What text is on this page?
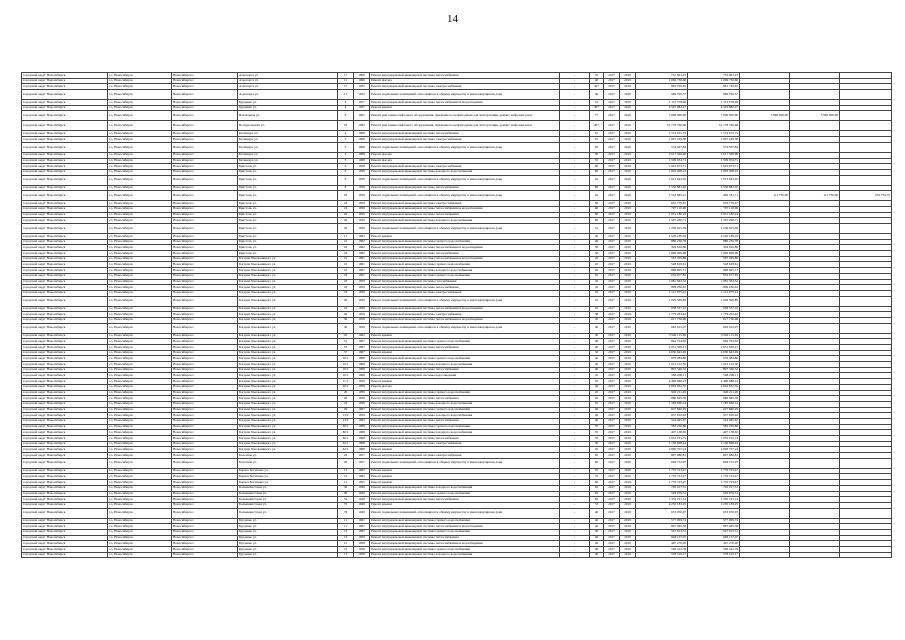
14
городской округ Новосибирск	г.о. Новосибирск	Новосибирск г.	Аэропорта ул.	11	1966	Ремонт внутридомовой инженерной системы теплоснабжения	-	35	2017	2019	752 901,23	752 901,23			
городской округ Новосибирск	г.о. Новосибирск	Новосибирск г.	Аэропорта ул.	11	1966	Ремонт фасада	-	40	2017	2019	1 069 736,60	1 069 736,60			
городской округ Новосибирск	г.о. Новосибирск	Новосибирск г.	Аэропорта ул.	17	1952	Ремонт внутридомовой инженерной системы электроснабжения	-	40*	2017	2019	881 720,65	881 720,65			
городской округ Новосибирск	г.о. Новосибирск	Новосибирск г.	Аэропорта ул.	17	1952	Ремонт подвальных помещений, относящихся к общему имуществу в многоквартирном доме	-	40	2017	2019	969 790,57	969 790,57			
городской округ Новосибирск	г.о. Новосибирск	Новосибирск г.	Бурденко ул.	4	1957	Ремонт внутридомовой инженерной системы теплоснабжения и водоотведения	-	52	2017	2019	1 112 578,40	1 112 578,40			
городской округ Новосибирск	г.о. Новосибирск	Новосибирск г.	Бурденко ул.	4	1957	Ремонт крыши	-	49*	2017	2019	4 525 982,27	4 525 982,27			
городской округ Новосибирск	г.о. Новосибирск	Новосибирск г.	Вокзальная ул.	6	1961	Ремонт или замена лифтового оборудования, признанного непригодным для эксплуатации, ремонт лифтовых шахт	-	77	2017	2019	7 000 000,00	7 000 000,00	3 990 000,00	3 990 000,00	
городской округ Новосибирск	г.о. Новосибирск	Новосибирск г.	Воскресенская ул.	10	1992	Ремонт или замена лифтового оборудования, признанного непригодным для эксплуатации, ремонт лифтовых шахт	-	40*	2017	2019	10 178 760,00	10 178 760,00			
городской округ Новосибирск	г.о. Новосибирск	Новосибирск г.	Бетанкура ул.	4	1968	Ремонт внутридомовой инженерной системы теплоснабжения	-	61	2017	2019	1 574 015,75	1 574 015,75			
городской округ Новосибирск	г.о. Новосибирск	Новосибирск г.	Бетанкура ул.	5	1968	Ремонт внутридомовой инженерной системы электроснабжения	-	61	2017	2019	1 007 249,38	1 007 249,38			
городской округ Новосибирск	г.о. Новосибирск	Новосибирск г.	Бетанкура ул.	5	1968	Ремонт подвальных помещений, относящихся к общему имуществу в многоквартирном доме	-	62	2017	2019	574 367,84	574 367,84			
городской округ Новосибирск	г.о. Новосибирск	Новосибирск г.	Бетанкура ул.	4	1968	Ремонт фасада	-	50	2017	2019	2 617 569,96	2 617 569,96			
городской округ Новосибирск	г.о. Новосибирск	Новосибирск г.	Бетанкура ул.	5	1968	Ремонт фасада	-	55	2017	2019	1 509 054,71	1 509 054,71			
городской округ Новосибирск	г.о. Новосибирск	Новосибирск г.	Бристоль ул.	6	1958	Ремонт внутридомовой инженерной системы электроснабжения	-	60	2017	2019	1 643 673,71	1 643 673,71			
городской округ Новосибирск	г.о. Новосибирск	Новосибирск г.	Бристоль ул.	6	1958	Ремонт внутридомовой инженерной системы холодного водоснабжения	-	60	2017	2019	1 093 408,23	1 093 408,23			
городской округ Новосибирск	г.о. Новосибирск	Новосибирск г.	Бристоль ул.	6	1958	Ремонт подвальных помещений, относящихся к общему имуществу в многоквартирном доме	-	42	2017	2019	1 013 643,02	1 013 643,02			
городской округ Новосибирск	г.о. Новосибирск	Новосибирск г.	Бристоль ул.	8	1959	Ремонт внутридомовой инженерной системы теплоснабжения	-	60	2017	2019	1 536 881,02	1 536 881,02			
городской округ Новосибирск	г.о. Новосибирск	Новосибирск г.	Бристоль ул.	10	1959	Ремонт подвальных помещений, относящихся к общему имуществу в многоквартирном доме	-	42	2017	2019	1 518 685,21	406 181,71	111 756,00	111 756,00	252 754,75
городской округ Новосибирск	г.о. Новосибирск	Новосибирск г.	Бристоль ул.	24	1959	Ремонт внутридомовой инженерной системы электроснабжения	-	60	2017	2019	635 779,67	635 779,67			
городской округ Новосибирск	г.о. Новосибирск	Новосибирск г.	Бристоль ул.	24	1959	Ремонт внутридомовой инженерной системы теплоснабжения и водоотведения	-	60	2017	2019	707 110,96	707 110,96			
городской округ Новосибирск	г.о. Новосибирск	Новосибирск г.	Бристоль ул.	26	1959	Ремонт внутридомовой инженерной системы теплоснабжения	-	60	2017	2019	1 031 180,24	1 031 180,24			
городской округ Новосибирск	г.о. Новосибирск	Новосибирск г.	Бристоль ул.	26	1959	Ремонт внутридомовой инженерной системы холодного водоснабжения	-	60	2017	2019	1 567 260,71	1 567 260,71			
городской округ Новосибирск	г.о. Новосибирск	Новосибирск г.	Бристоль ул.	26	1959	Ремонт подвальных помещений, относящихся к общему имуществу в многоквартирном доме	-	51	2017	2019	1 236 625,59	1 236 625,59			
городской округ Новосибирск	г.о. Новосибирск	Новосибирск г.	Бристоль ул.	17	1963	Ремонт крыши	-	40	2017	2019	4 520 189,04	4 520 189,04			
городской округ Новосибирск	г.о. Новосибирск	Новосибирск г.	Бристоль ул.	41	1962	Ремонт внутридомовой инженерной системы горячего водоснабжения	-	40	2017	2019	886 230,78	886 230,78			
городской округ Новосибирск	г.о. Новосибирск	Новосибирск г.	Бристоль ул.	43	1962	Ремонт внутридомовой инженерной системы теплоснабжения и водоотведения	-	50	2017	2019	394 816,86	394 816,86			
городской округ Новосибирск	г.о. Новосибирск	Новосибирск г.	Бристоль ул.	43	1962	Ремонт внутридомовой инженерной системы теплоснабжения	-	50	2017	2019	1 690 009,96	1 690 009,96			
городской округ Новосибирск	г.о. Новосибирск	Новосибирск г.	Богдана Хмельницкого ул.	10	1961	Ремонт внутридомовой инженерной системы теплоснабжения и водоотведения	-	45	2017	2019	567 209,86	567 209,86			
городской округ Новосибирск	г.о. Новосибирск	Новосибирск г.	Богдана Хмельницкого ул.	10	1961	Ремонт внутридомовой инженерной системы горячего водоснабжения	-	45	2017	2019	548 818,61	548 818,61			
городской округ Новосибирск	г.о. Новосибирск	Новосибирск г.	Богдана Хмельницкого ул.	16	1961	Ремонт внутридомовой инженерной системы холодного водоснабжения	-	45	2017	2019	898 905,71	898 905,71			
городской округ Новосибирск	г.о. Новосибирск	Новосибирск г.	Богдана Хмельницкого ул.	16	1961	Ремонт внутридомовой инженерной системы горячего водоснабжения	-	45	2017	2019	654 977,85	654 977,85			
городской округ Новосибирск	г.о. Новосибирск	Новосибирск г.	Богдана Хмельницкого ул.	18	1959	Ремонт внутридомовой инженерной системы газоснабжения	-	45	2017	2019	1 081 563,52	1 081 563,52			
городской округ Новосибирск	г.о. Новосибирск	Новосибирск г.	Богдана Хмельницкого ул.	18	1959	Ремонт внутридомовой инженерной системы теплоснабжения	-	45	2017	2019	809 236,63	809 236,63			
городской округ Новосибирск	г.о. Новосибирск	Новосибирск г.	Богдана Хмельницкого ул.	18	1959	Ремонт внутридомовой инженерной системы электроснабжения	-	45	2017	2019	1 121 075,41	1 121 075,41			
городской округ Новосибирск	г.о. Новосибирск	Новосибирск г.	Богдана Хмельницкого ул.	20	1959	Ремонт подвальных помещений, относящихся к общему имуществу в многоквартирном доме	-	45	2017	2019	1 029 306,85	1 029 306,85			
городской округ Новосибирск	г.о. Новосибирск	Новосибирск г.	Богдана Хмельницкого ул.	22	1959	Ремонт внутридомовой инженерной системы теплоснабжения и водоотведения	-	45	2017	2019	638 537,16	638 537,16			
городской округ Новосибирск	г.о. Новосибирск	Новосибирск г.	Богдана Хмельницкого ул.	26	1959	Ремонт внутридомовой инженерной системы электроснабжения	-	38	2017	2019	1 779 263,42	1 779 263,42			
городской округ Новосибирск	г.о. Новосибирск	Новосибирск г.	Богдана Хмельницкого ул.	30	1958	Ремонт внутридомовой инженерной системы теплоснабжения и водоотведения	-	45	2017	2019	617 756,96	617 756,96			
городской округ Новосибирск	г.о. Новосибирск	Новосибирск г.	Богдана Хмельницкого ул.	36	1958	Ремонт подвальных помещений, относящихся к общему имуществу в многоквартирном доме	-	40	2017	2019	663 912,07	663 912,07			
городской округ Новосибирск	г.о. Новосибирск	Новосибирск г.	Богдана Хмельницкого ул.	45	1962	Ремонт крыши	-	30	2017	2019	3 540 115,65	3 540 115,65			
городской округ Новосибирск	г.о. Новосибирск	Новосибирск г.	Богдана Хмельницкого ул.	51	1967	Ремонт внутридомовой инженерной системы горячего водоснабжения	-	40	2017	2019	964 704,92	964 704,92			
городской округ Новосибирск	г.о. Новосибирск	Новосибирск г.	Богдана Хмельницкого ул.	53	1967	Ремонт внутридомовой инженерной системы теплоснабжения	-	40	2017	2019	2 051 500,21	2 051 500,21			
городской округ Новосибирск	г.о. Новосибирск	Новосибирск г.	Богдана Хмельницкого ул.	57	1967	Ремонт крыши	-	32	2017	2019	4 650 643,49	4 650 643,49			
городской округ Новосибирск	г.о. Новосибирск	Новосибирск г.	Богдана Хмельницкого ул.	10/1	1968	Ремонт внутридомовой инженерной системы горячего водоснабжения	-	40	2017	2019	976 484,80	976 484,80			
городской округ Новосибирск	г.о. Новосибирск	Новосибирск г.	Богдана Хмельницкого ул.	10/1	1968	Ремонт внутридомовой инженерной системы холодного водоснабжения	-	40	2017	2019	1 013 122,50	1 013 122,50			
городской округ Новосибирск	г.о. Новосибирск	Новосибирск г.	Богдана Хмельницкого ул.	10/1	1968	Ремонт внутридомовой инженерной системы теплоснабжения	-	40	2017	2019	897 346,52	897 346,52			
городской округ Новосибирск	г.о. Новосибирск	Новосибирск г.	Богдана Хмельницкого ул.	10/1	1968	Ремонт внутридомовой инженерной системы водоотведения	-	45	2017	2019	568 208,11	568 208,11			
городской округ Новосибирск	г.о. Новосибирск	Новосибирск г.	Богдана Хмельницкого ул.	11/1	1959	Ремонт крыши	-	45	2017	2019	4 490 086,23	4 490 086,23			
городской округ Новосибирск	г.о. Новосибирск	Новосибирск г.	Богдана Хмельницкого ул.	20/1	1959	Ремонт фасада	-	40	2017	2019	4 694 632,35	4 694 632,35			
городской округ Новосибирск	г.о. Новосибирск	Новосибирск г.	Богдана Хмельницкого ул.	20	1959	Ремонт внутридомовой инженерной системы горячего водоснабжения	-	45	2017	2019	940 211,20	940 211,20			
городской округ Новосибирск	г.о. Новосибирск	Новосибирск г.	Богдана Хмельницкого ул.	20	1958	Ремонт внутридомовой инженерной системы теплоснабжения	-	45	2017	2019	880 665,39	880 665,39			
городской округ Новосибирск	г.о. Новосибирск	Новосибирск г.	Богдана Хмельницкого ул.	22	1958	Ремонт внутридомовой инженерной системы холодного водоснабжения	-	45	2017	2019	1 185 636,14	1 185 636,14			
городской округ Новосибирск	г.о. Новосибирск	Новосибирск г.	Богдана Хмельницкого ул.	29	1967	Ремонт внутридомовой инженерной системы горячего водоснабжения	-	40	2017	2019	627 840,29	627 840,29			
городской округ Новосибирск	г.о. Новосибирск	Новосибирск г.	Богдана Хмельницкого ул.	13/2	1959	Ремонт внутридомовой инженерной системы холодного водоснабжения	-	40	2017	2019	957 810,92	957 810,92			
городской округ Новосибирск	г.о. Новосибирск	Новосибирск г.	Богдана Хмельницкого ул.	13/2	1962	Ремонт внутридомовой инженерной системы теплоснабжения	-	40	2017	2019	524 465,67	524 465,67			
городской округ Новосибирск	г.о. Новосибирск	Новосибирск г.	Богдана Хмельницкого ул.	60/1	1968	Ремонт внутридомовой инженерной системы горячего водоснабжения	-	35	2017	2019	582 236,86	582 236,86			
городской округ Новосибирск	г.о. Новосибирск	Новосибирск г.	Богдана Хмельницкого ул.	60/1	1968	Ремонт внутридомовой инженерной системы холодного водоснабжения	-	35	2017	2019	497 138,65	497 138,65			
городской округ Новосибирск	г.о. Новосибирск	Новосибирск г.	Богдана Хмельницкого ул.	60/1	1968	Ремонт внутридомовой инженерной системы теплоснабжения	-	35	2017	2019	1 052 161,74	1 052 161,74			
городской округ Новосибирск	г.о. Новосибирск	Новосибирск г.	Богдана Хмельницкого ул.	62/1	1968	Ремонт внутридомовой инженерной системы электроснабжения	-	40	2017	2019	1 136 698,44	1 136 698,44			
городской округ Новосибирск	г.о. Новосибирск	Новосибирск г.	Богдана Хмельницкого ул.	62/1	1968	Ремонт крыши	-	45	2017	2019	2 690 707,24	2 690 707,24			
городской округ Новосибирск	г.о. Новосибирск	Новосибирск г.	Болотная ул.	26	1957	Ремонт внутридомовой инженерной системы электроснабжения	-	65	2017	2019	897 986,81	897 986,81			
городской округ Новосибирск	г.о. Новосибирск	Новосибирск г.	Болотная ул.	26	1957	Ремонт подвальных помещений, относящихся к общему имуществу в многоквартирном доме	-	60	2017	2019	649 752,97	649 752,97			
городской округ Новосибирск	г.о. Новосибирск	Новосибирск г.	Бориса Богаткова ул.	13	1962	Ремонт крыши	-	45	2017	2019	1 776 723,47	1 776 723,47			
городской округ Новосибирск	г.о. Новосибирск	Новосибирск г.	Бориса Богаткова ул.	15	1962	Ремонт крыши	-	70	2017	2019	1 776 723,47	1 776 723,47			
городской округ Новосибирск	г.о. Новосибирск	Новосибирск г.	Бориса Богаткова ул.	17	1955	Ремонт крыши	-	60	2017	2019	1 776 723,47	1 776 723,47			
городской округ Новосибирск	г.о. Новосибирск	Новосибирск г.	Большевистская ул.	39	1949	Ремонт внутридомовой инженерной системы холодного водоснабжения	-	65	2017	2019	720 017,31	720 017,31			
городской округ Новосибирск	г.о. Новосибирск	Новосибирск г.	Большевистская ул.	39	1949	Ремонт внутридомовой инженерной системы горячего водоснабжения	-	65	2017	2019	529 079,31	529 079,31			
городской округ Новосибирск	г.о. Новосибирск	Новосибирск г.	Большевистская ул.	54	1949	Ремонт внутридомовой инженерной системы теплоснабжения	-	65	2017	2019	1 335 191,14	1 335 191,14			
городской округ Новосибирск	г.о. Новосибирск	Новосибирск г.	Большевистская ул.	75	1949	Ремонт крыши	-	53	2017	2019	2 235 183,25	2 235 183,25			
городской округ Новосибирск	г.о. Новосибирск	Новосибирск г.	Большевистская ул.	76	1949	Ремонт подвальных помещений, относящихся к общему имуществу в многоквартирном доме	-	40	2017	2019	653 050,07	653 050,07			
городской округ Новосибирск	г.о. Новосибирск	Новосибирск г.	Бурденко ул.	11	1961	Ремонт внутридомовой инженерной системы горячего водоснабжения	-	40	2017	2019	577 009,74	577 009,74			
городской округ Новосибирск	г.о. Новосибирск	Новосибирск г.	Бурденко ул.	11	1961	Ремонт внутридомовой инженерной системы теплоснабжения и водоотведения	-	40	2017	2019	867 465,58	867 465,58			
городской округ Новосибирск	г.о. Новосибирск	Новосибирск г.	Бурденко ул.	13	1962	Ремонт внутридомовой инженерной системы горячего водоснабжения	-	40	2017	2019	547 913,31	547 913,31			
городской округ Новосибирск	г.о. Новосибирск	Новосибирск г.	Бурденко ул.	13	1959	Ремонт внутридомовой инженерной системы теплоснабжения	-	40	2017	2019	948 157,07	948 157,07			
городской округ Новосибирск	г.о. Новосибирск	Новосибирск г.	Бурденко ул.	15	1958	Ремонт внутридомовой инженерной системы теплоснабжения и водоотведения	-	40	2017	2019	467 270,20	467 270,20			
городской округ Новосибирск	г.о. Новосибирск	Новосибирск г.	Бурденко ул.	15	1958	Ремонт внутридомовой инженерной системы горячего водоснабжения	-	40	2017	2019	569 412,78	569 412,78			
городской округ Новосибирск	г.о. Новосибирск	Новосибирск г.	Бурденко ул.	17	1958	Ремонт внутридомовой инженерной системы холодного водоснабжения	-	40	2017	2019	578 516,17	578 516,17			
